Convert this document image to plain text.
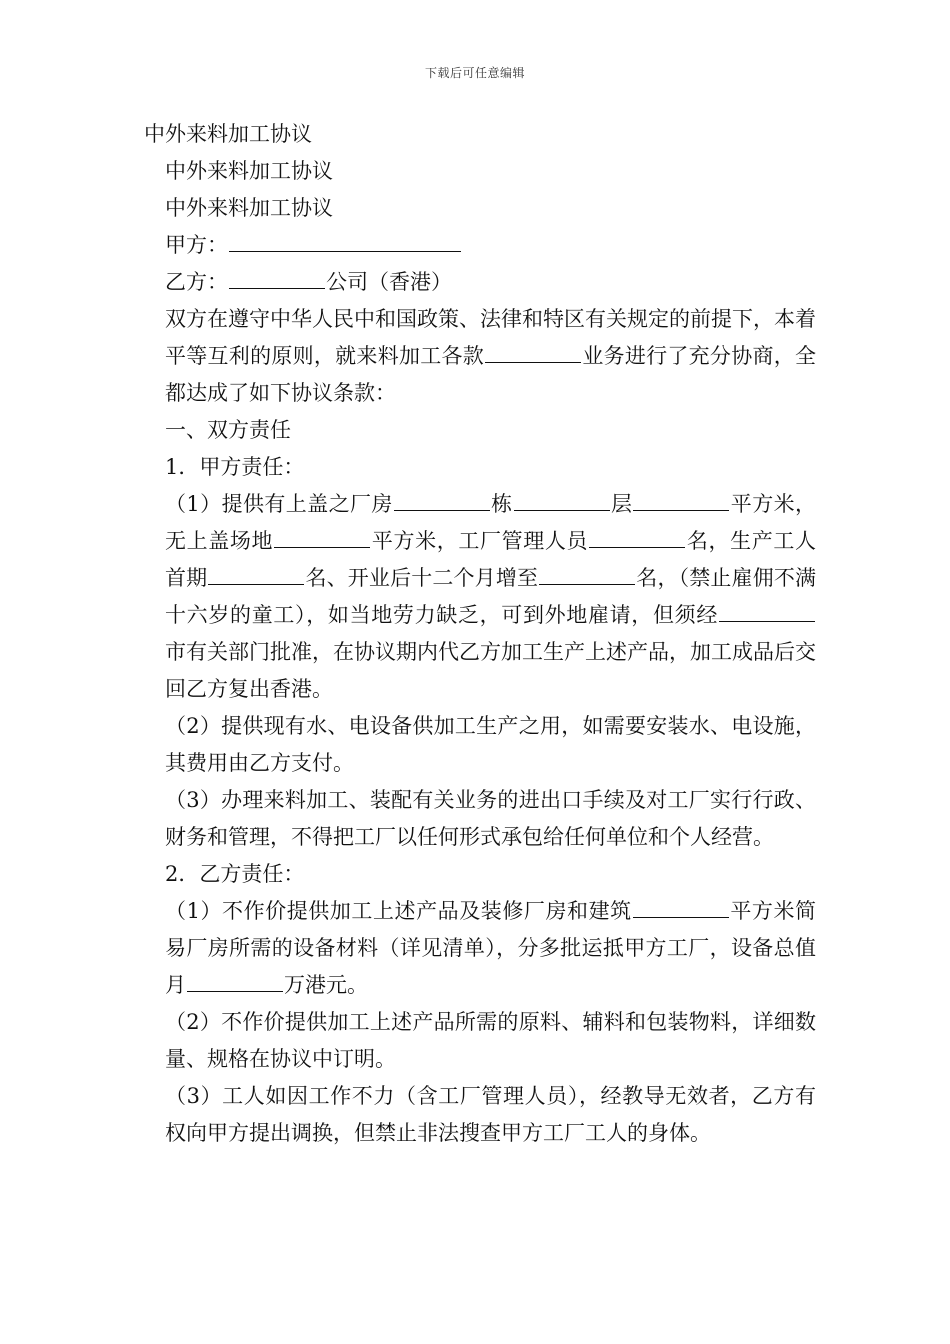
下载后可任意编辑

中外来料加工协议

中外来料加工协议

中外来料加工协议

甲方：

乙方：	公司（香港）

双方在遵守中华人民中和国政策、法律和特区有关规定的前提下，本着平等互利的原则，就来料加工各款	业务进行了充分协商，全都达成了如下协议条款：

一、双方责任

1．甲方责任：

（1）提供有上盖之厂房	栋	层	平方米，无上盖场地	平方米，工厂管理人员	名，生产工人首期	名、开业后十二个月增至	名，（禁止雇佣不满十六岁的童工），如当地劳力缺乏，可到外地雇请，但须经市有关部门批准，在协议期内代乙方加工生产上述产品，加工成品后交回乙方复出香港。

（2）提供现有水、电设备供加工生产之用，如需要安装水、电设施，其费用由乙方支付。

（3）办理来料加工、装配有关业务的进出口手续及对工厂实行行政、财务和管理，不得把工厂以任何形式承包给任何单位和个人经营。

2．乙方责任：

（1）不作价提供加工上述产品及装修厂房和建筑	平方米简易厂房所需的设备材料（详见清单），分多批运抵甲方工厂，设备总值月	万港元。

（2）不作价提供加工上述产品所需的原料、辅料和包装物料，详细数量、规格在协议中订明。

（3）工人如因工作不力（含工厂管理人员），经教导无效者，乙方有权向甲方提出调换，但禁止非法搜查甲方工厂工人的身体。
